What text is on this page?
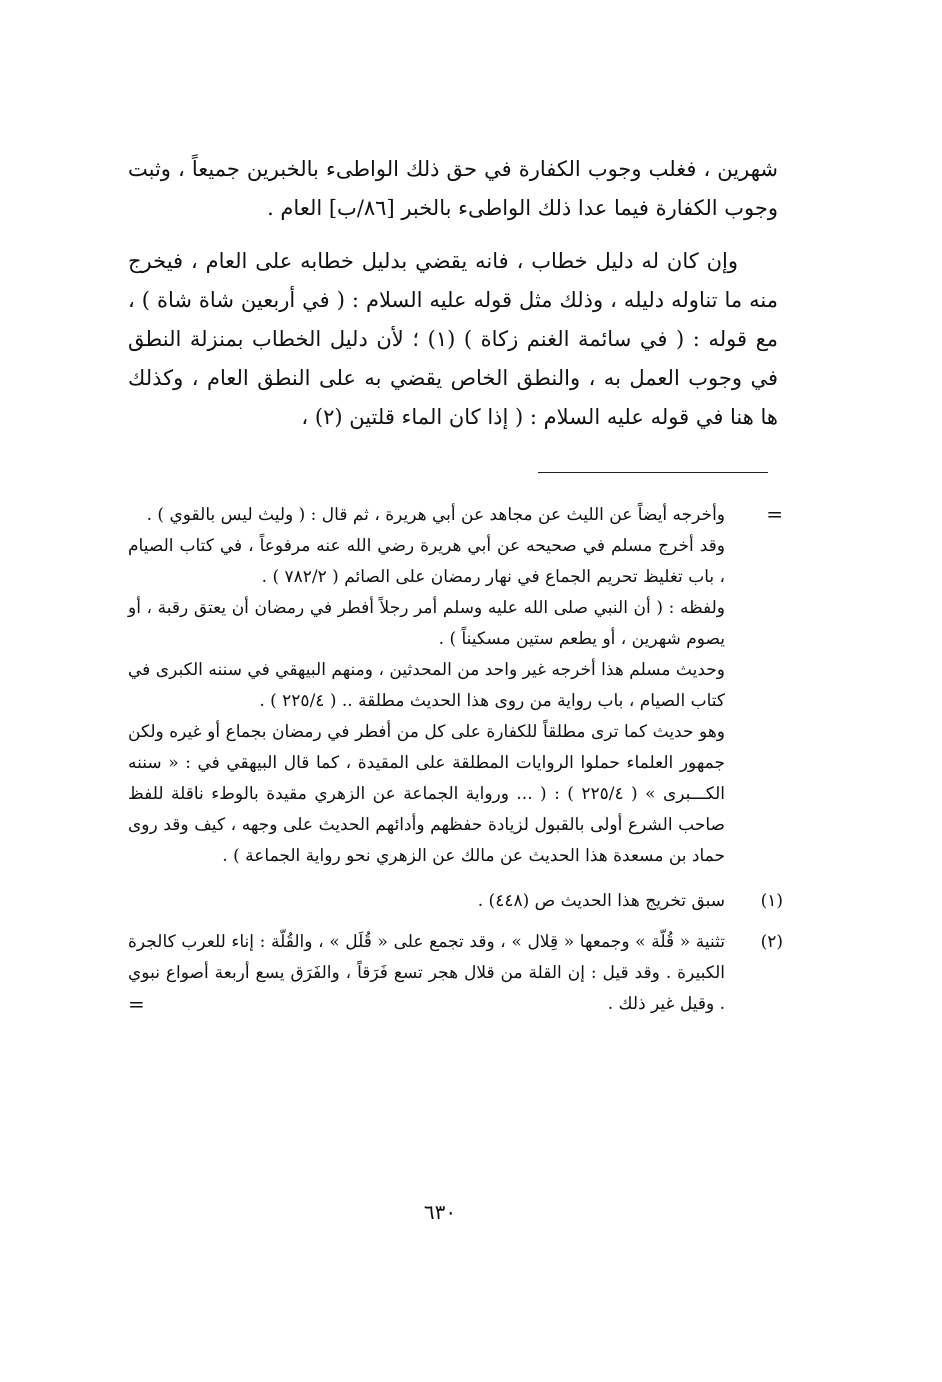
شهرين ، فغلب وجوب الكفارة في حق ذلك الواطىء بالخبرين جميعاً ، وثبت وجوب الكفارة فيما عدا ذلك الواطىء بالخبر [٨٦/ب] العام .

وإن كان له دليل خطاب ، فانه يقضي بدليل خطابه على العام ، فيخرج منه ما تناوله دليله ، وذلك مثل قوله عليه السلام : ( في أربعين شاة شاة ) ، مع قوله : ( في سائمة الغنم زكاة ) (١) ؛ لأن دليل الخطاب بمنزلة النطق في وجوب العمل به ، والنطق الخاص يقضي به على النطق العام ، وكذلك ها هنا في قوله عليه السلام : ( إذا كان الماء قلتين (٢) ،

=

وأخرجه أيضاً عن الليث عن مجاهد عن أبي هريرة ، ثم قال : ( وليث ليس بالقوي ) .

وقد أخرج مسلم في صحيحه عن أبي هريرة رضي الله عنه مرفوعاً ، في كتاب الصيام ، باب تغليظ تحريم الجماع في نهار رمضان على الصائم ( ٧٨٢/٢ ) .

ولفظه : ( أن النبي صلى الله عليه وسلم أمر رجلاً أفطر في رمضان أن يعتق رقبة ، أو يصوم شهرين ، أو يطعم ستين مسكيناً ) .

وحديث مسلم هذا أخرجه غير واحد من المحدثين ، ومنهم البيهقي في سننه الكبرى في كتاب الصيام ، باب رواية من روى هذا الحديث مطلقة .. ( ٢٢٥/٤ ) .

وهو حديث كما ترى مطلقاً للكفارة على كل من أفطر في رمضان بجماع أو غيره ولكن جمهور العلماء حملوا الروايات المطلقة على المقيدة ، كما قال البيهقي في : « سننه الكـــبرى » ( ٢٢٥/٤ ) : ( ... ورواية الجماعة عن الزهري مقيدة بالوطء ناقلة للفظ صاحب الشرع أولى بالقبول لزيادة حفظهم وأدائهم الحديث على وجهه ، كيف وقد روى حماد بن مسعدة هذا الحديث عن مالك عن الزهري نحو رواية الجماعة ) .

(١)
سبق تخريج هذا الحديث ص (٤٤٨) .
(٢)
تثنية « قُلّة » وجمعها « قِلال » ، وقد تجمع على « قُلَل » ، والقُلّة : إناء للعرب كالجرة الكبيرة . وقد قيل : إن القلة من قلال هجر تسع فَرَقاً ، والفَرَق يسع أربعة أصواع نبوي . وقيل غير ذلك .
=
٦٣٠
